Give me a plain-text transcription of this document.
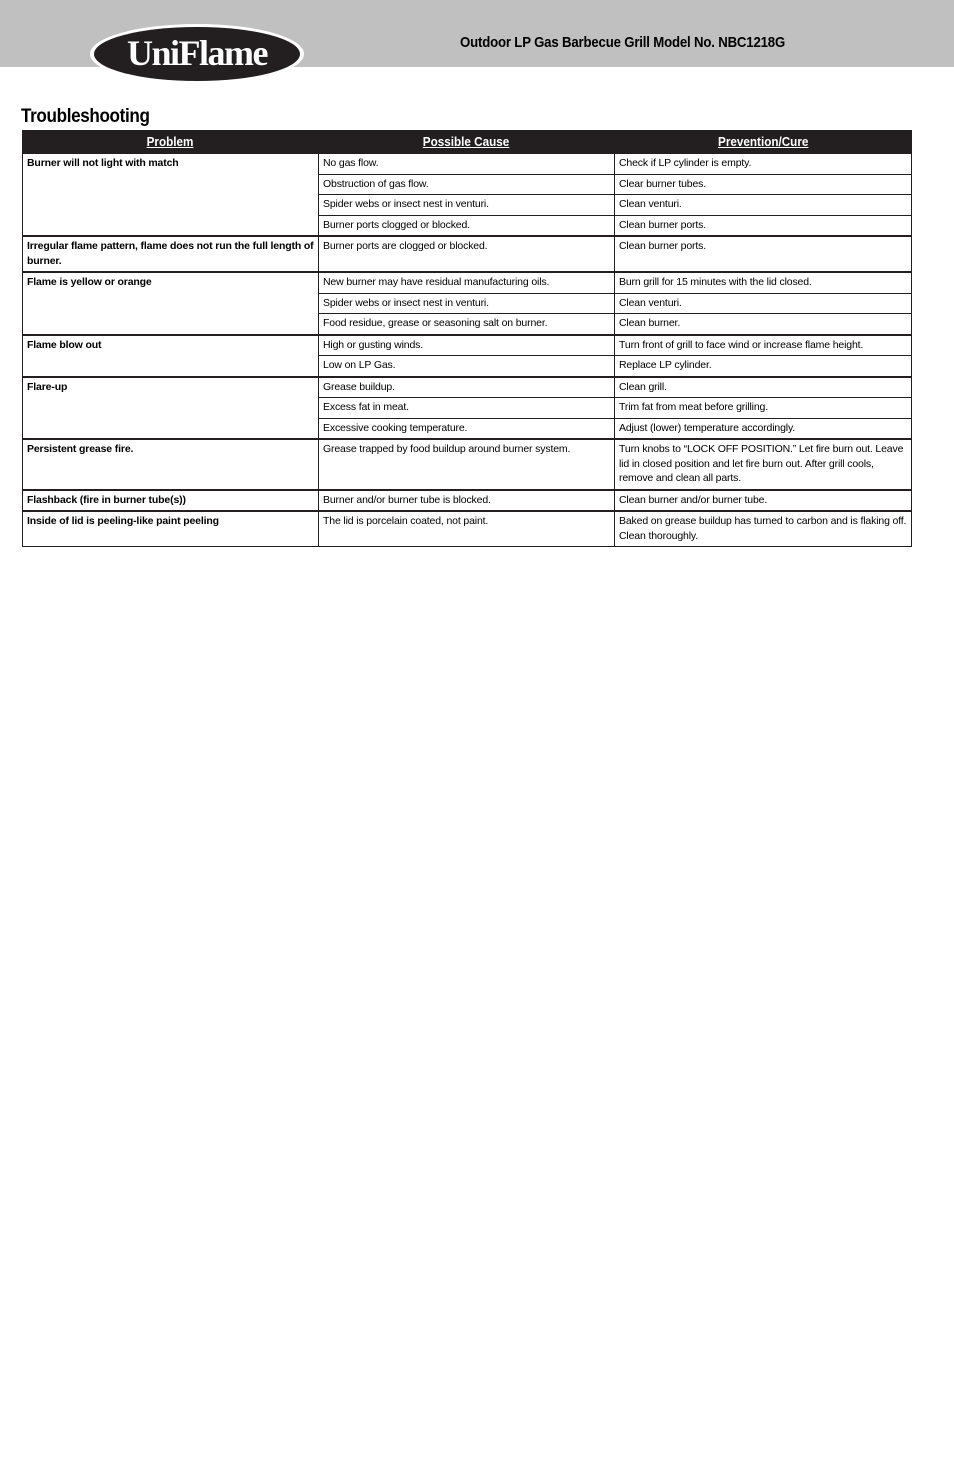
UniFlame	Outdoor LP Gas Barbecue Grill Model No. NBC1218G
Troubleshooting
Problem	Possible Cause	Prevention/Cure
Burner will not light with match	No gas flow.	Check if LP cylinder is empty.
	Obstruction of gas flow.	Clear burner tubes.
	Spider webs or insect nest in venturi.	Clean venturi.
	Burner ports clogged or blocked.	Clean burner ports.
Irregular flame pattern, flame does not run the full length of burner.	Burner ports are clogged or blocked.	Clean burner ports.
Flame is yellow or orange	New burner may have residual manufacturing oils.	Burn grill for 15 minutes with the lid closed.
	Spider webs or insect nest in venturi.	Clean venturi.
	Food residue, grease or seasoning salt on burner.	Clean burner.
Flame blow out	High or gusting winds.	Turn front of grill to face wind or increase flame height.
	Low on LP Gas.	Replace LP cylinder.
Flare-up	Grease buildup.	Clean grill.
	Excess fat in meat.	Trim fat from meat before grilling.
	Excessive cooking temperature.	Adjust (lower) temperature accordingly.
Persistent grease fire.	Grease trapped by food buildup around burner system.	Turn knobs to “LOCK OFF POSITION.” Let fire burn out. Leave lid in closed position and let fire burn out. After grill cools, remove and clean all parts.
Flashback (fire in burner tube(s))	Burner and/or burner tube is blocked.	Clean burner and/or burner tube.
Inside of lid is peeling-like paint peeling	The lid is porcelain coated, not paint.	Baked on grease buildup has turned to carbon and is flaking off. Clean thoroughly.
